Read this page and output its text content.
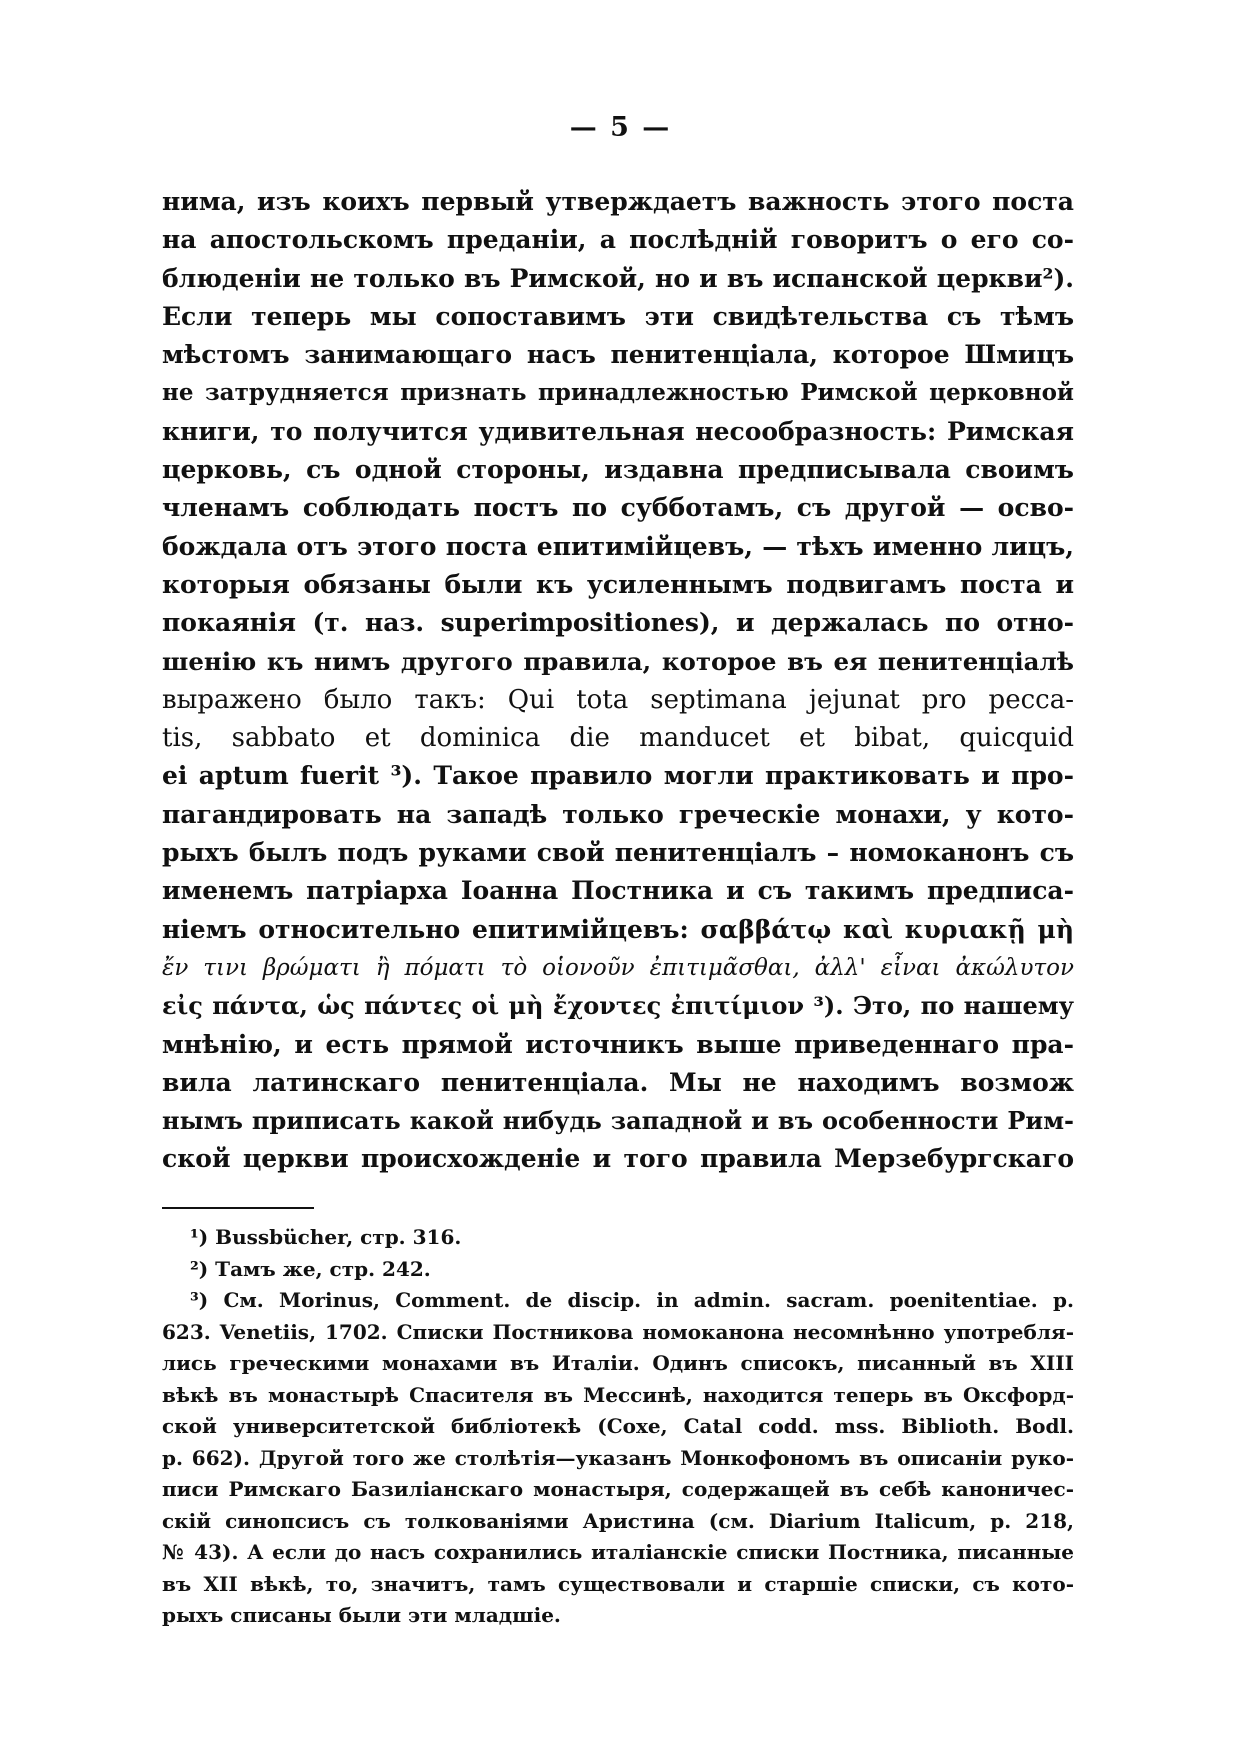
— 5 —
нима, изъ коихъ первый утверждаетъ важность этого поста
на апостольскомъ преданіи, а послѣдній говоритъ о его со-
блюденіи не только въ Римской, но и въ испанской церкви²).
Если теперь мы сопоставимъ эти свидѣтельства съ тѣмъ
мѣстомъ занимающаго насъ пенитенціала, которое Шмицъ
не затрудняется признать принадлежностью Римской церковной
книги, то получится удивительная несообразность: Римская
церковь, съ одной стороны, издавна предписывала своимъ
членамъ соблюдать постъ по субботамъ, съ другой — осво-
бождала отъ этого поста епитимійцевъ, — тѣхъ именно лицъ,
которыя обязаны были къ усиленнымъ подвигамъ поста и
покаянія (т. наз. superimpositiones), и держалась по отно-
шенію къ нимъ другого правила, которое въ ея пенитенціалѣ
выражено было такъ: Qui tota septimana jejunat pro pecca-
tis, sabbato et dominica die manducet et bibat, quicquid
ei aptum fuerit ³). Такое правило могли практиковать и про-
пагандировать на западѣ только греческіе монахи, у кото-
рыхъ былъ подъ руками свой пенитенціалъ – номоканонъ съ
именемъ патріарха Іоанна Постника и съ такимъ предписа-
ніемъ относительно епитимійцевъ: σαββάτῳ καὶ κυριακῇ μὴ
ἔν τινι βρώματι ἢ πόματι τὸ οἱονοῦν ἐπιτιμᾶσθαι, ἀλλ' εἶναι ἀκώλυτον
εἰς πάντα, ὡς πάντες οἱ μὴ ἔχοντες ἐπιτίμιον ³). Это, по нашему
мнѣнію, и есть прямой источникъ выше приведеннаго пра-
вила латинскаго пенитенціала. Мы не находимъ возмож
нымъ приписать какой нибудь западной и въ особенности Рим-
ской церкви происхожденіе и того правила Мерзебургскаго
¹) Bussbücher, стр. 316.
²) Тамъ же, стр. 242.
³) См. Morinus, Comment. de discip. in admin. sacram. poenitentiae. p.
623. Venetiis, 1702. Списки Постникова номоканона несомнѣнно употребля-
лись греческими монахами въ Италіи. Одинъ списокъ, писанный въ XIII
вѣкѣ въ монастырѣ Спасителя въ Мессинѣ, находится теперь въ Оксфорд-
ской университетской библіотекѣ (Coxe, Catal codd. mss. Biblioth. Bodl.
p. 662). Другой того же столѣтія—указанъ Монкофономъ въ описаніи руко-
писи Римскаго Базиліанскаго монастыря, содержащей въ себѣ каноничес-
скій синопсисъ съ толкованіями Аристина (см. Diarium Italicum, p. 218,
№ 43). А если до насъ сохранились италіанскіе списки Постника, писанные
въ XII вѣкѣ, то, значитъ, тамъ существовали и старшіе списки, съ кото-
рыхъ списаны были эти младшіе.
